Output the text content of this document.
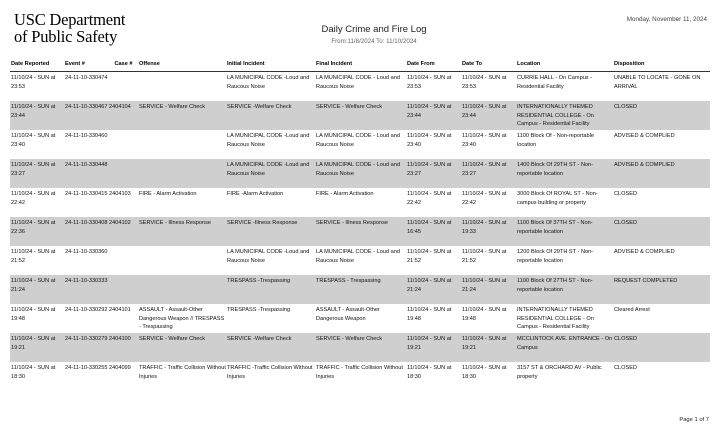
USC Department
of Public Safety	Daily Crime and Fire Log
From:11/8/2024 To: 11/10/2024
Monday, November 11, 2024
Date Reported	Event #	Case #	Offense	Initial Incident	Final Incident	Date From	Date To	Location	Disposition
11/10/24 - SUN at 23:53	24-11-10-330474			LA MUNICIPAL CODE -Loud and Raucous Noise	LA MUNICIPAL CODE - Loud and Raucous Noise	11/10/24 - SUN at 23:53	11/10/24 - SUN at 23:53	CURRIE HALL - On Campus - Residential Facility	UNABLE TO LOCATE - GONE ON ARRIVAL
11/10/24 - SUN at 23:44	24-11-10-330467	2404104	SERVICE - Welfare Check	SERVICE -Welfare Check	SERVICE - Welfare Check	11/10/24 - SUN at 23:44	11/10/24 - SUN at 23:44	INTERNATIONALLY THEMED RESIDENTIAL COLLEGE - On Campus - Residential Facility	CLOSED
11/10/24 - SUN at 23:40	24-11-10-330460			LA MUNICIPAL CODE -Loud and Raucous Noise	LA MUNICIPAL CODE - Loud and Raucous Noise	11/10/24 - SUN at 23:40	11/10/24 - SUN at 23:40	1100 Block Of - Non-reportable location	ADVISED & COMPLIED
11/10/24 - SUN at 23:27	24-11-10-330448			LA MUNICIPAL CODE -Loud and Raucous Noise	LA MUNICIPAL CODE - Loud and Raucous Noise	11/10/24 - SUN at 23:27	11/10/24 - SUN at 23:27	1400 Block Of 29TH ST - Non-reportable location	ADVISED & COMPLIED
11/10/24 - SUN at 22:42	24-11-10-330415	2404103	FIRE - Alarm Activation	FIRE -Alarm Activation	FIRE - Alarm Activation	11/10/24 - SUN at 22:42	11/10/24 - SUN at 22:42	3000 Block Of ROYAL ST - Non-campus building or property	CLOSED
11/10/24 - SUN at 22:36	24-11-10-330408	2404102	SERVICE - Illness Response	SERVICE -Illness Response	SERVICE - Illness Response	11/10/24 - SUN at 16:45	11/10/24 - SUN at 19:33	1100 Block Of 37TH ST - Non-reportable location	CLOSED
11/10/24 - SUN at 21:52	24-11-10-330360			LA MUNICIPAL CODE -Loud and Raucous Noise	LA MUNICIPAL CODE - Loud and Raucous Noise	11/10/24 - SUN at 21:52	11/10/24 - SUN at 21:52	1200 Block Of 29TH ST - Non-reportable location	ADVISED & COMPLIED
11/10/24 - SUN at 21:24	24-11-10-330333			TRESPASS -Trespassing	TRESPASS - Trespassing	11/10/24 - SUN at 21:24	11/10/24 - SUN at 21:24	1100 Block Of 27TH ST - Non-reportable location	REQUEST COMPLETED
11/10/24 - SUN at 19:48	24-11-10-330292	2404101	ASSAULT - Assault-Other Dangerous Weapon // TRESPASS - Trespassing	TRESPASS -Trespassing	ASSAULT - Assault-Other Dangerous Weapon	11/10/24 - SUN at 19:48	11/10/24 - SUN at 19:48	INTERNATIONALLY THEMED RESIDENTIAL COLLEGE - On Campus - Residential Facility	Cleared Arrest
11/10/24 - SUN at 19:21	24-11-10-330279	2404100	SERVICE - Welfare Check	SERVICE -Welfare Check	SERVICE - Welfare Check	11/10/24 - SUN at 19:21	11/10/24 - SUN at 19:21	MCCLINTOCK AVE. ENTRANCE - On Campus	CLOSED
11/10/24 - SUN at 18:30	24-11-10-330255	2404099	TRAFFIC - Traffic Collision Without Injuries	TRAFFIC -Traffic Collision Without Injuries	TRAFFIC - Traffic Collision Without Injuries	11/10/24 - SUN at 18:30	11/10/24 - SUN at 18:30	3157 ST & ORCHARD AV - Public property	CLOSED
Page 1 of 7
